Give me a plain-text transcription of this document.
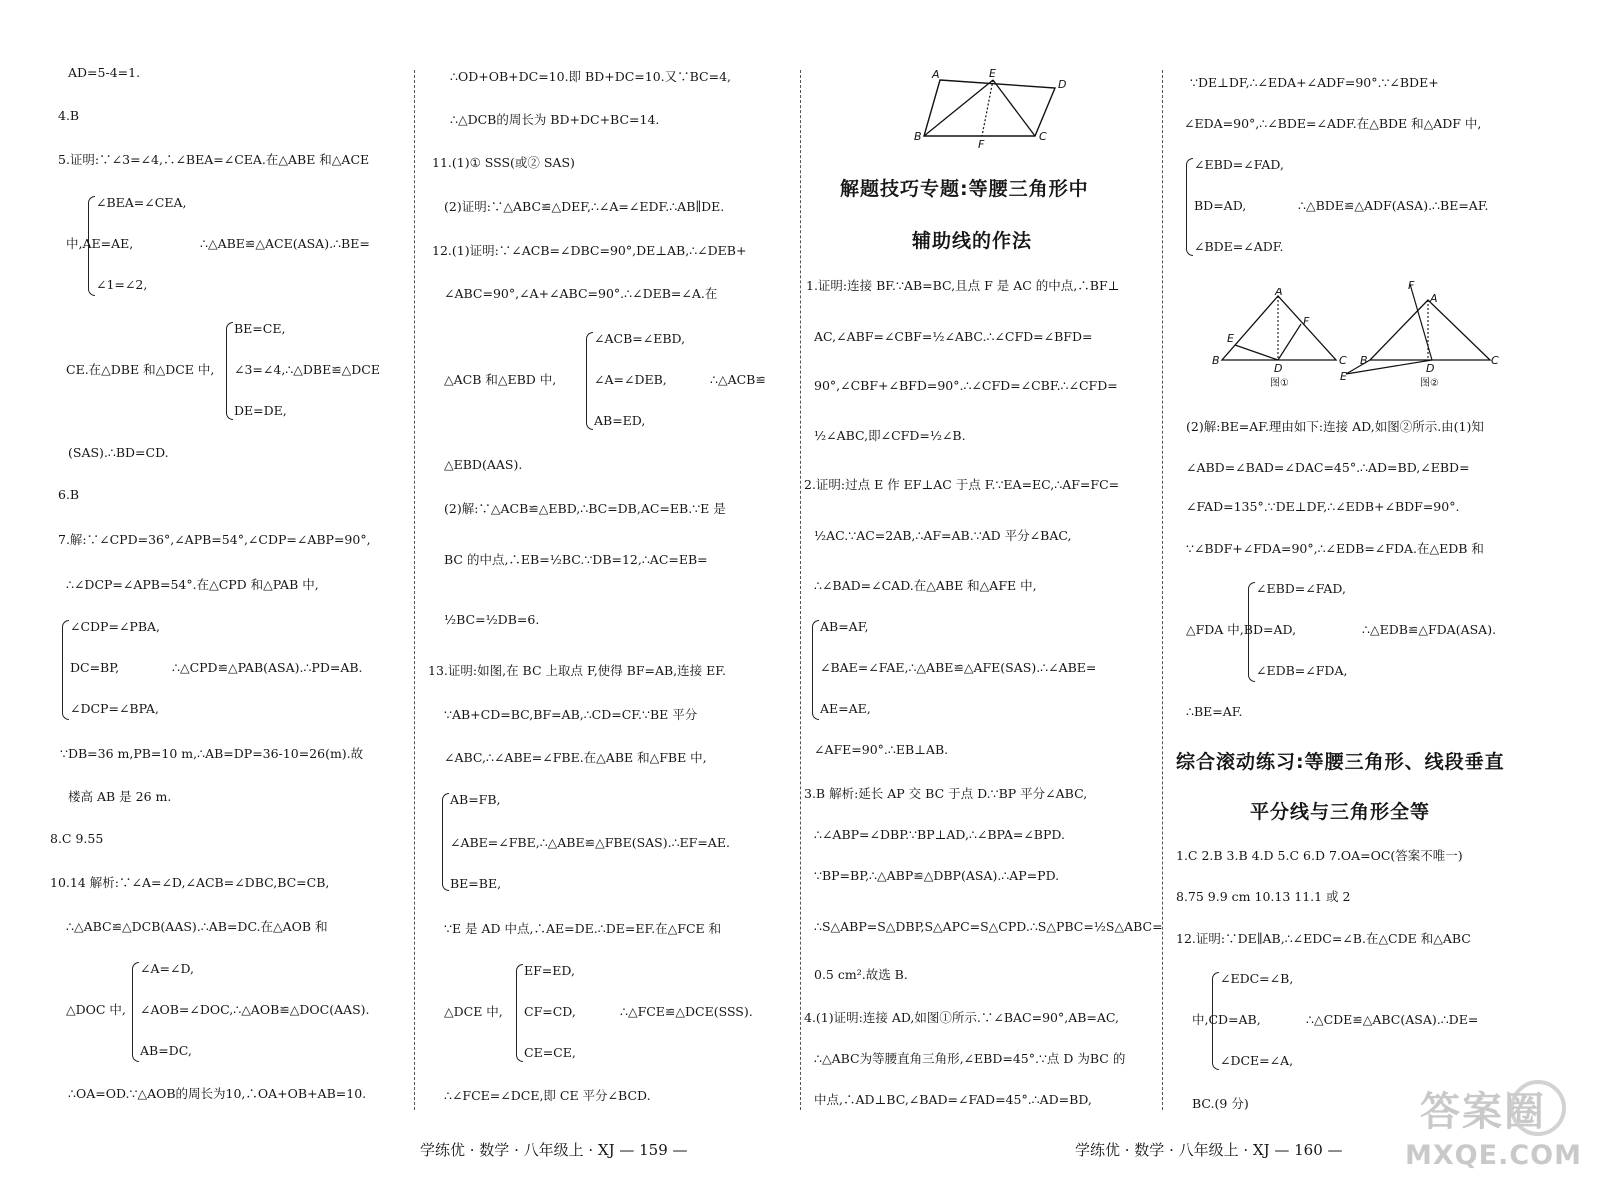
AD=5-4=1.
4.B
5.证明:∵∠3=∠4,∴∠BEA=∠CEA.在△ABE 和△ACE
∠BEA=∠CEA,
中,AE=AE,	∴△ABE≌△ACE(ASA).∴BE=
∠1=∠2,
BE=CE,
CE.在△DBE 和△DCE 中, ∠3=∠4,∴△DBE≌△DCE
DE=DE,
(SAS).∴BD=CD.
6.B
7.解:∵∠CPD=36°,∠APB=54°,∠CDP=∠ABP=90°,
∴∠DCP=∠APB=54°.在△CPD 和△PAB 中,
∠CDP=∠PBA,
DC=BP,	∴△CPD≌△PAB(ASA).∴PD=AB.
∠DCP=∠BPA,
∵DB=36 m,PB=10 m,∴AB=DP=36-10=26(m).故
楼高 AB 是 26 m.
8.C 9.55
10.14 解析:∵∠A=∠D,∠ACB=∠DBC,BC=CB,
∴△ABC≌△DCB(AAS).∴AB=DC.在△AOB 和
∠A=∠D,
△DOC 中, ∠AOB=∠DOC,∴△AOB≌△DOC(AAS).
AB=DC,
∴OA=OD.∵△AOB的周长为10,∴OA+OB+AB=10.
∴OD+OB+DC=10.即 BD+DC=10.又∵BC=4,
∴△DCB的周长为 BD+DC+BC=14.
11.(1)① SSS(或② SAS)
(2)证明:∵△ABC≌△DEF,∴∠A=∠EDF.∴AB∥DE.
12.(1)证明:∵∠ACB=∠DBC=90°,DE⊥AB,∴∠DEB+
∠ABC=90°,∠A+∠ABC=90°.∴∠DEB=∠A.在
∠ACB=∠EBD,
△ACB 和△EBD 中,	∠A=∠DEB,	∴△ACB≌
AB=ED,
△EBD(AAS).
(2)解:∵△ACB≌△EBD,∴BC=DB,AC=EB.∵E 是
BC 的中点,∴EB=½BC.∵DB=12,∴AC=EB=
½BC=½DB=6.
13.证明:如图,在 BC 上取点 F,使得 BF=AB,连接 EF.
∵AB+CD=BC,BF=AB,∴CD=CF.∵BE 平分
∠ABC,∴∠ABE=∠FBE.在△ABE 和△FBE 中,
AB=FB,
∠ABE=∠FBE,∴△ABE≌△FBE(SAS).∴EF=AE.
BE=BE,
∵E 是 AD 中点,∴AE=DE.∴DE=EF.在△FCE 和
EF=ED,
△DCE 中, CF=CD,	∴△FCE≌△DCE(SSS).
CE=CE,
∴∠FCE=∠DCE,即 CE 平分∠BCD.
学练优 · 数学 · 八年级上 · XJ — 159 —
A	E
D
B	C
F
解题技巧专题:等腰三角形中
辅助线的作法
1.证明:连接 BF.∵AB=BC,且点 F 是 AC 的中点,∴BF⊥
AC,∠ABF=∠CBF=½∠ABC.∴∠CFD=∠BFD=
90°,∠CBF+∠BFD=90°.∴∠CFD=∠CBF.∴∠CFD=
½∠ABC,即∠CFD=½∠B.
2.证明:过点 E 作 EF⊥AC 于点 F.∵EA=EC,∴AF=FC=
½AC.∵AC=2AB,∴AF=AB.∵AD 平分∠BAC,
∴∠BAD=∠CAD.在△ABE 和△AFE 中,
AB=AF,
∠BAE=∠FAE,∴△ABE≌△AFE(SAS).∴∠ABE=
AE=AE,
∠AFE=90°.∴EB⊥AB.
3.B 解析:延长 AP 交 BC 于点 D.∵BP 平分∠ABC,
∴∠ABP=∠DBP.∵BP⊥AD,∴∠BPA=∠BPD.
∵BP=BP,∴△ABP≌△DBP(ASA).∴AP=PD.
∴S△ABP=S△DBP,S△APC=S△CPD.∴S△PBC=½S△ABC=
0.5 cm².故选 B.
4.(1)证明:连接 AD,如图①所示.∵∠BAC=90°,AB=AC,
∴△ABC为等腰直角三角形,∠EBD=45°.∵点 D 为BC 的
中点,∴AD⊥BC,∠BAD=∠FAD=45°.∴AD=BD,
∵DE⊥DF,∴∠EDA+∠ADF=90°.∵∠BDE+
∠EDA=90°,∴∠BDE=∠ADF.在△BDE 和△ADF 中,
∠EBD=∠FAD,
BD=AD,	∴△BDE≌△ADF(ASA).∴BE=AF.
∠BDE=∠ADF.
A
E
F
B
D
C
图①
F
A
B
D
C
E
图②
(2)解:BE=AF.理由如下:连接 AD,如图②所示.由(1)知
∠ABD=∠BAD=∠DAC=45°.∴AD=BD,∠EBD=
∠FAD=135°.∵DE⊥DF,∴∠EDB+∠BDF=90°.
∵∠BDF+∠FDA=90°,∴∠EDB=∠FDA.在△EDB 和
∠EBD=∠FAD,
△FDA 中,BD=AD,	∴△EDB≌△FDA(ASA).
∠EDB=∠FDA,
∴BE=AF.
综合滚动练习:等腰三角形、线段垂直
平分线与三角形全等
1.C 2.B 3.B 4.D 5.C 6.D 7.OA=OC(答案不唯一)
8.75 9.9 cm 10.13 11.1 或 2
12.证明:∵DE∥AB,∴∠EDC=∠B.在△CDE 和△ABC
∠EDC=∠B,
中,CD=AB,	∴△CDE≌△ABC(ASA).∴DE=
∠DCE=∠A,
BC.(9 分)
学练优 · 数学 · 八年级上 · XJ — 160 —
答案圈
MXQE.COM
